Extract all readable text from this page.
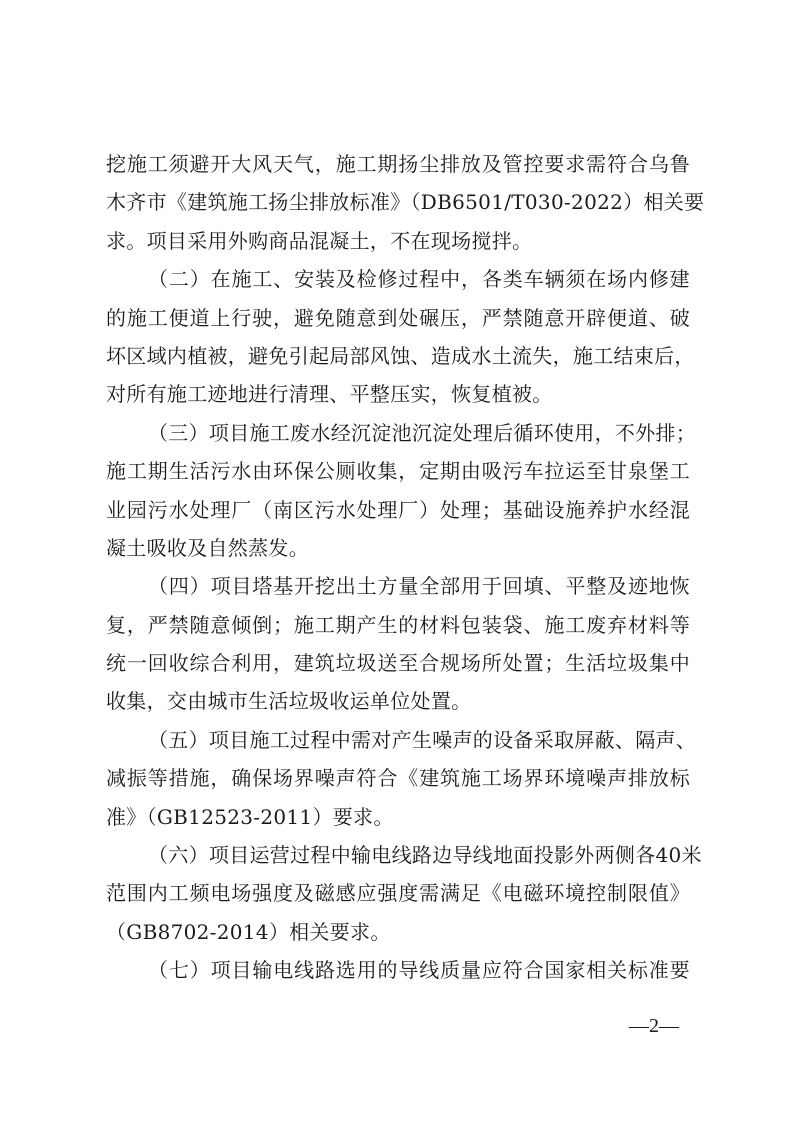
挖施工须避开大风天气，施工期扬尘排放及管控要求需符合乌鲁
木齐市《建筑施工扬尘排放标准》（DB6501/T030-2022）相关要
求。项目采用外购商品混凝土，不在现场搅拌。
（二）在施工、安装及检修过程中，各类车辆须在场内修建
的施工便道上行驶，避免随意到处碾压，严禁随意开辟便道、破
坏区域内植被，避免引起局部风蚀、造成水土流失，施工结束后，
对所有施工迹地进行清理、平整压实，恢复植被。
（三）项目施工废水经沉淀池沉淀处理后循环使用，不外排；
施工期生活污水由环保公厕收集，定期由吸污车拉运至甘泉堡工
业园污水处理厂（南区污水处理厂）处理；基础设施养护水经混
凝土吸收及自然蒸发。
（四）项目塔基开挖出土方量全部用于回填、平整及迹地恢
复，严禁随意倾倒；施工期产生的材料包装袋、施工废弃材料等
统一回收综合利用，建筑垃圾送至合规场所处置；生活垃圾集中
收集，交由城市生活垃圾收运单位处置。
（五）项目施工过程中需对产生噪声的设备采取屏蔽、隔声、
减振等措施，确保场界噪声符合《建筑施工场界环境噪声排放标
准》（GB12523-2011）要求。
（六）项目运营过程中输电线路边导线地面投影外两侧各40米
范围内工频电场强度及磁感应强度需满足《电磁环境控制限值》
（GB8702-2014）相关要求。
（七）项目输电线路选用的导线质量应符合国家相关标准要
—2—
